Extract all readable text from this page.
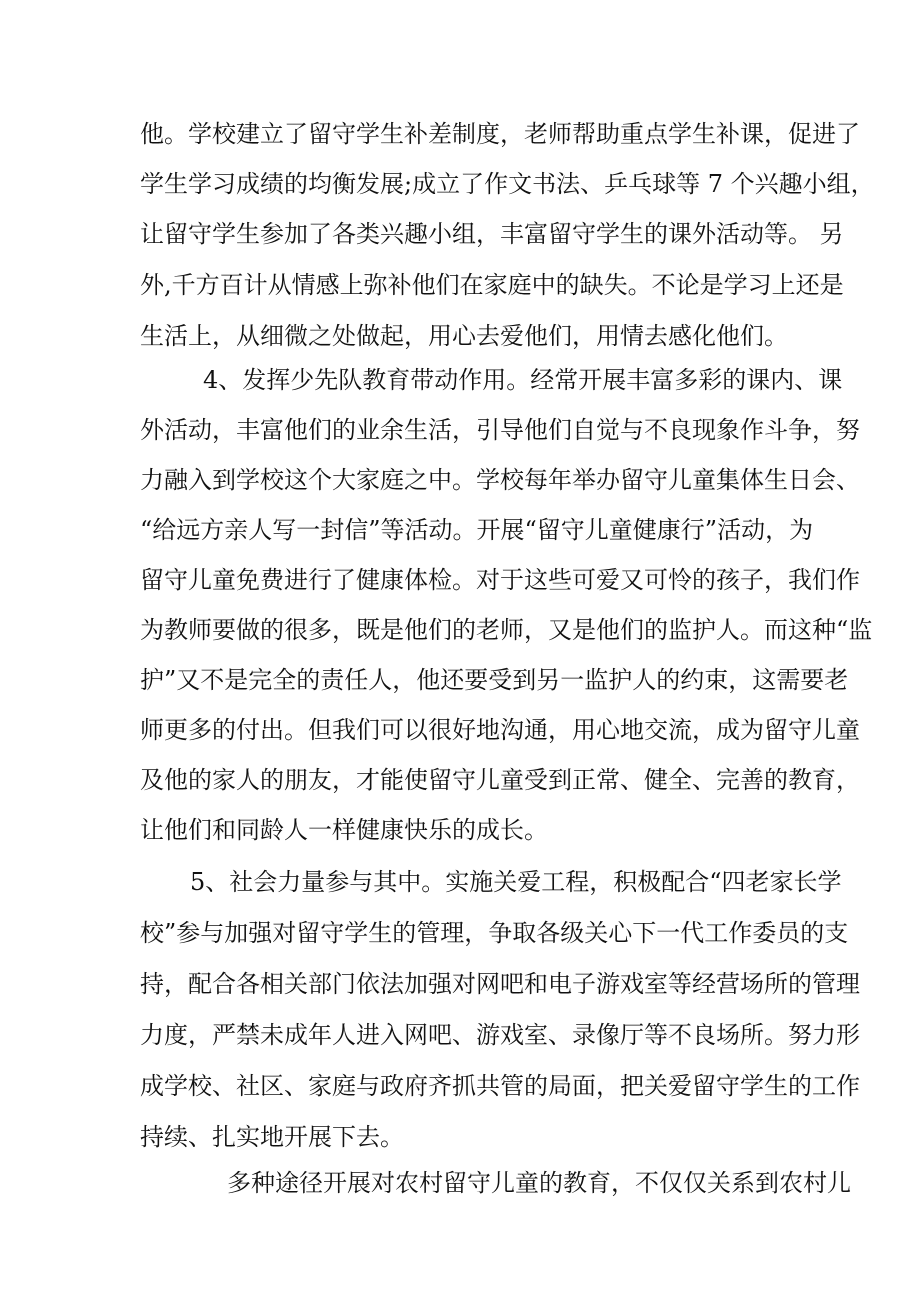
他。学校建立了留守学生补差制度，老师帮助重点学生补课，促进了
学生学习成绩的均衡发展;成立了作文书法、乒乓球等 7 个兴趣小组，
让留守学生参加了各类兴趣小组，丰富留守学生的课外活动等。 另
外,千方百计从情感上弥补他们在家庭中的缺失。不论是学习上还是
生活上，从细微之处做起，用心去爱他们，用情去感化他们。
4、发挥少先队教育带动作用。经常开展丰富多彩的课内、课
外活动，丰富他们的业余生活，引导他们自觉与不良现象作斗争，努
力融入到学校这个大家庭之中。学校每年举办留守儿童集体生日会、
“给远方亲人写一封信”等活动。开展“留守儿童健康行”活动，为
留守儿童免费进行了健康体检。对于这些可爱又可怜的孩子，我们作
为教师要做的很多，既是他们的老师，又是他们的监护人。而这种“监
护”又不是完全的责任人，他还要受到另一监护人的约束，这需要老
师更多的付出。但我们可以很好地沟通，用心地交流，成为留守儿童
及他的家人的朋友，才能使留守儿童受到正常、健全、完善的教育，
让他们和同龄人一样健康快乐的成长。
5、社会力量参与其中。实施关爱工程，积极配合“四老家长学
校”参与加强对留守学生的管理，争取各级关心下一代工作委员的支
持，配合各相关部门依法加强对网吧和电子游戏室等经营场所的管理
力度，严禁未成年人进入网吧、游戏室、录像厅等不良场所。努力形
成学校、社区、家庭与政府齐抓共管的局面，把关爱留守学生的工作
持续、扎实地开展下去。
多种途径开展对农村留守儿童的教育，不仅仅关系到农村儿
